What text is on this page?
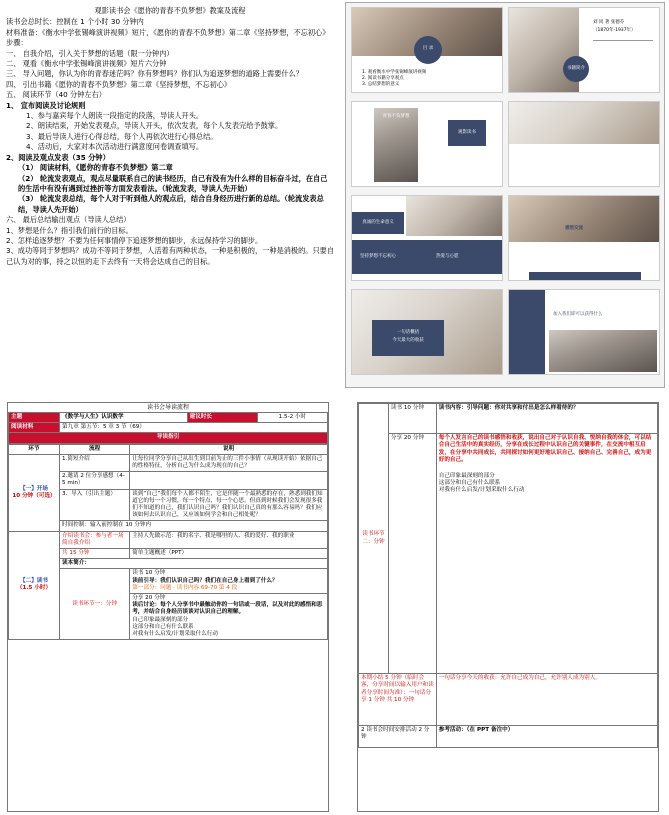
观影读书会《愿你的青春不负梦想》教案及流程
读书会总时长：控制在 1 个小时 30 分钟内
材料准备：《衡水中学张锡峰演讲视频》短片，《愿你的青春不负梦想》第二章《坚持梦想，不忘初心》
步骤：
一、 自我介绍，引入关于梦想的话题（限一分钟内）
二、 观看《衡水中学张锡峰演讲视频》短片六分钟
三、 导入问题，你认为你的青春迷茫吗？你有梦想吗？你们认为追逐梦想的道路上需要什么？
四、 引出书籍《愿你的青春不负梦想》第二章《坚持梦想，不忘初心》
五、 阅读环节（40 分钟左右）
1、 宣布阅读及讨论规则
1、参与嘉宾每个人朗读一段指定的段落，导读人开头。
2、朗读结束，开始发表观点，导读人开头，依次发表，每个人发表完给予鼓掌。
3、最后导读人进行心得总结，每个人再依次进行心得总结。
4、活动后，大家对本次活动进行满意度问卷调查填写。
2、阅读及观点发表（35 分钟）
（1） 阅读材料，《愿你的青春不负梦想》第二章
（2） 轮流发表观点，观点尽量联系自己的读书经历，自己有没有为什么样的目标奋斗过，在自己的生活中有没有遇到过挫折等方面发表看法。（轮流发表，导读人先开始）
（3） 轮流发表总结，每个人对于听到他人的观点后，结合自身经历进行新的总结。（轮流发表总结，导读人先开始）
六、 最后总结输出观点（导读人总结）
1、梦想是什么？指引我们前行的目标。
2、怎样追逐梦想？不要为任何事情停下追逐梦想的脚步，永远保持学习的脚步。
3、成功等同于梦想吗？成功不等同于梦想，人活着有两种状态，一种是积极的，一种是消极的。只要自己认为对的事，持之以恒的走下去终有一天将会达成自己的目标。
目 录
1. 观看衡水中学张锡峰演讲视频
2. 阅读书籍分享观点
3. 总结梦想的意义
书籍简介
刘 同 著 张德芬
（1870年-1937年）
青春不负梦想
观影读书
真诚的生命意义
坚持梦想不忘初心	热爱与心愿
感悟交流
一句话概括
今天最大的收获
加入我们即可以获得什么
读书会导读流程
主题	《数学与人生》认识数学	建议时长	1.5-2 小时
阅读材料	第九章 第五节：5 章 3 节（69）		
导读指引			
环节	流程	说明

【一】开场
10 分钟（可选）	1.简短介绍	让每位同学分享自己从出生到目前为止的三件小事情（从现读开始）依据自己的性格特征，分析自己为什么成为现在的自己？
	2.邀请 2 位分享感想（4-5 min）	
	3、导入（引出主题）	谈到“自己”我们每个人都不陌生，它是伴随一个最熟悉的存在，熟悉到我们知道它的每一个习惯，每一个特点，每一个心思。但真到时候我们会发现很多我们不知道的自己，我们认识自己吗？我们认识自己真的有那么容易吗？我们应该如何去认识自己，又应该如何学会和自己相处呢？
	时间控制：输入前控制在 10 分钟内	

【二】读书
（1.5 小时）	介绍读书会：参与者一场简自我介绍	主持人先做示范：我的名字、我是哪里的人、我的爱好、我的职业
	共 15 分钟	简单主题概述（PPT）
	读本简介：	
	读书环节一：分钟	读书 10 分钟
读前引导：我们认识自己吗？我们在自己身上看到了什么？
第一部分：问题 · 读书内容 69-70 第 4 段

		分享 20 分钟
读后讨论：每个人分享书中最触动你的一句话或一段话，以及对此的感悟和思考，并结合自身经历谈谈对认识自己的理解。
自己印象最深刻的部分
这部分和自己有什么联系
对我有什么启发/计划采取什么行动
读书环节二：分钟	读书 10 分钟	读书内容：引导问题：你对共享和付出是怎么样看待的？
	分享 20 分钟	每个人发言自己的读书感悟和收获，说出自己对于认识自我、悦纳自我的体会，可以结合自己生活中的真实经历，分享在成长过程中认识自己的关键事件，在交流中相互启发，在分享中共同成长，共同探讨如何更好地认识自己、接纳自己、完善自己，成为更好的自己。
自己印象最深刻的部分
这部分和自己有什么联系
对我有什么启发/计划采取什么行动

本期小结 5 分钟（临时会客，分享时间以输入用户和读者分享时间为准）：一句话分享 1 分钟 共 10 分钟		一句话分享今天的收获：允许自己成为自己，允许别人成为别人。
2 读书会时间安排活动 2 分钟		参考活动：（在 PPT 备注中）
